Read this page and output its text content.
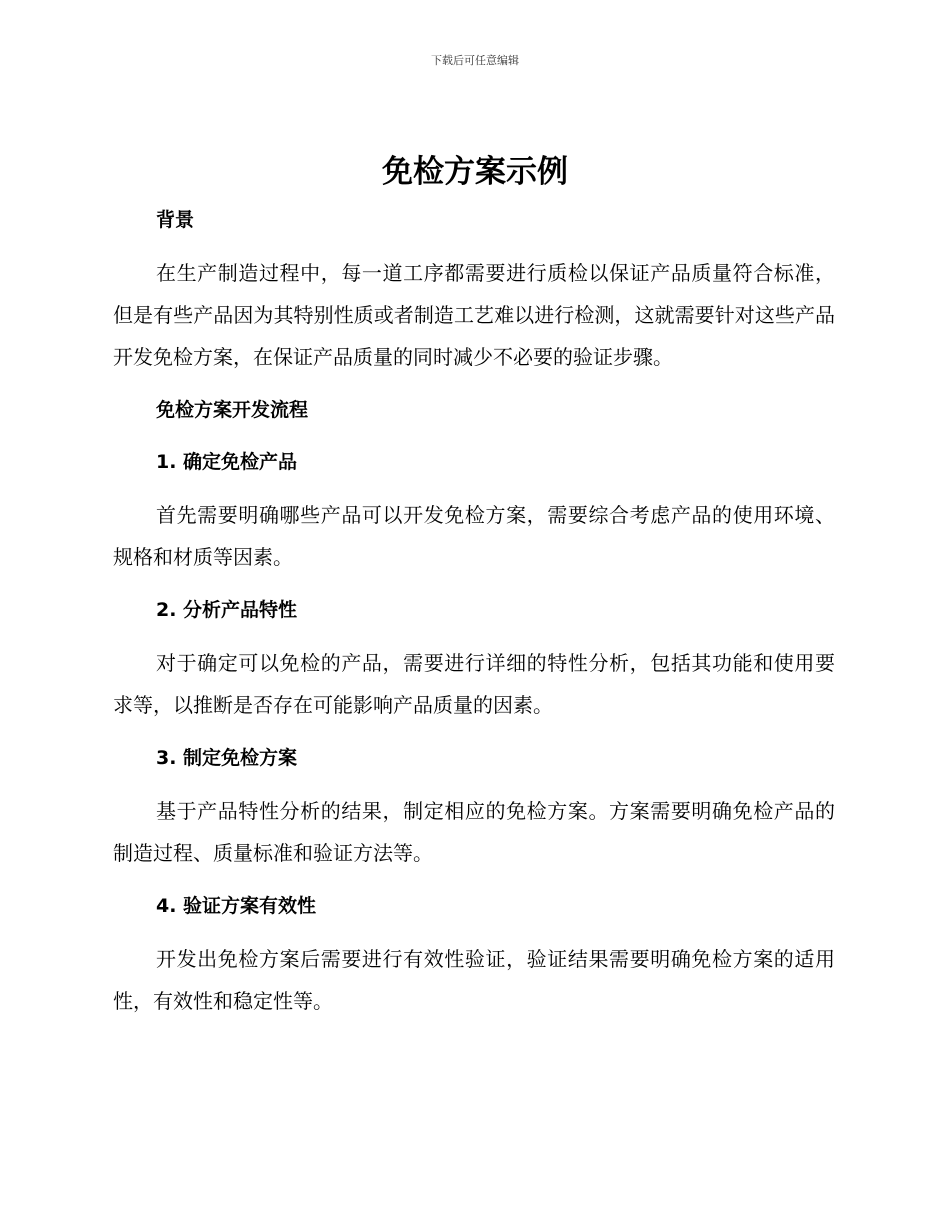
下载后可任意编辑
免检方案示例
背景

在生产制造过程中，每一道工序都需要进行质检以保证产品质量符合标准，但是有些产品因为其特别性质或者制造工艺难以进行检测，这就需要针对这些产品开发免检方案，在保证产品质量的同时减少不必要的验证步骤。

免检方案开发流程
1. 确定免检产品

首先需要明确哪些产品可以开发免检方案，需要综合考虑产品的使用环境、规格和材质等因素。

2. 分析产品特性

对于确定可以免检的产品，需要进行详细的特性分析，包括其功能和使用要求等，以推断是否存在可能影响产品质量的因素。

3. 制定免检方案

基于产品特性分析的结果，制定相应的免检方案。方案需要明确免检产品的制造过程、质量标准和验证方法等。

4. 验证方案有效性

开发出免检方案后需要进行有效性验证，验证结果需要明确免检方案的适用性，有效性和稳定性等。
